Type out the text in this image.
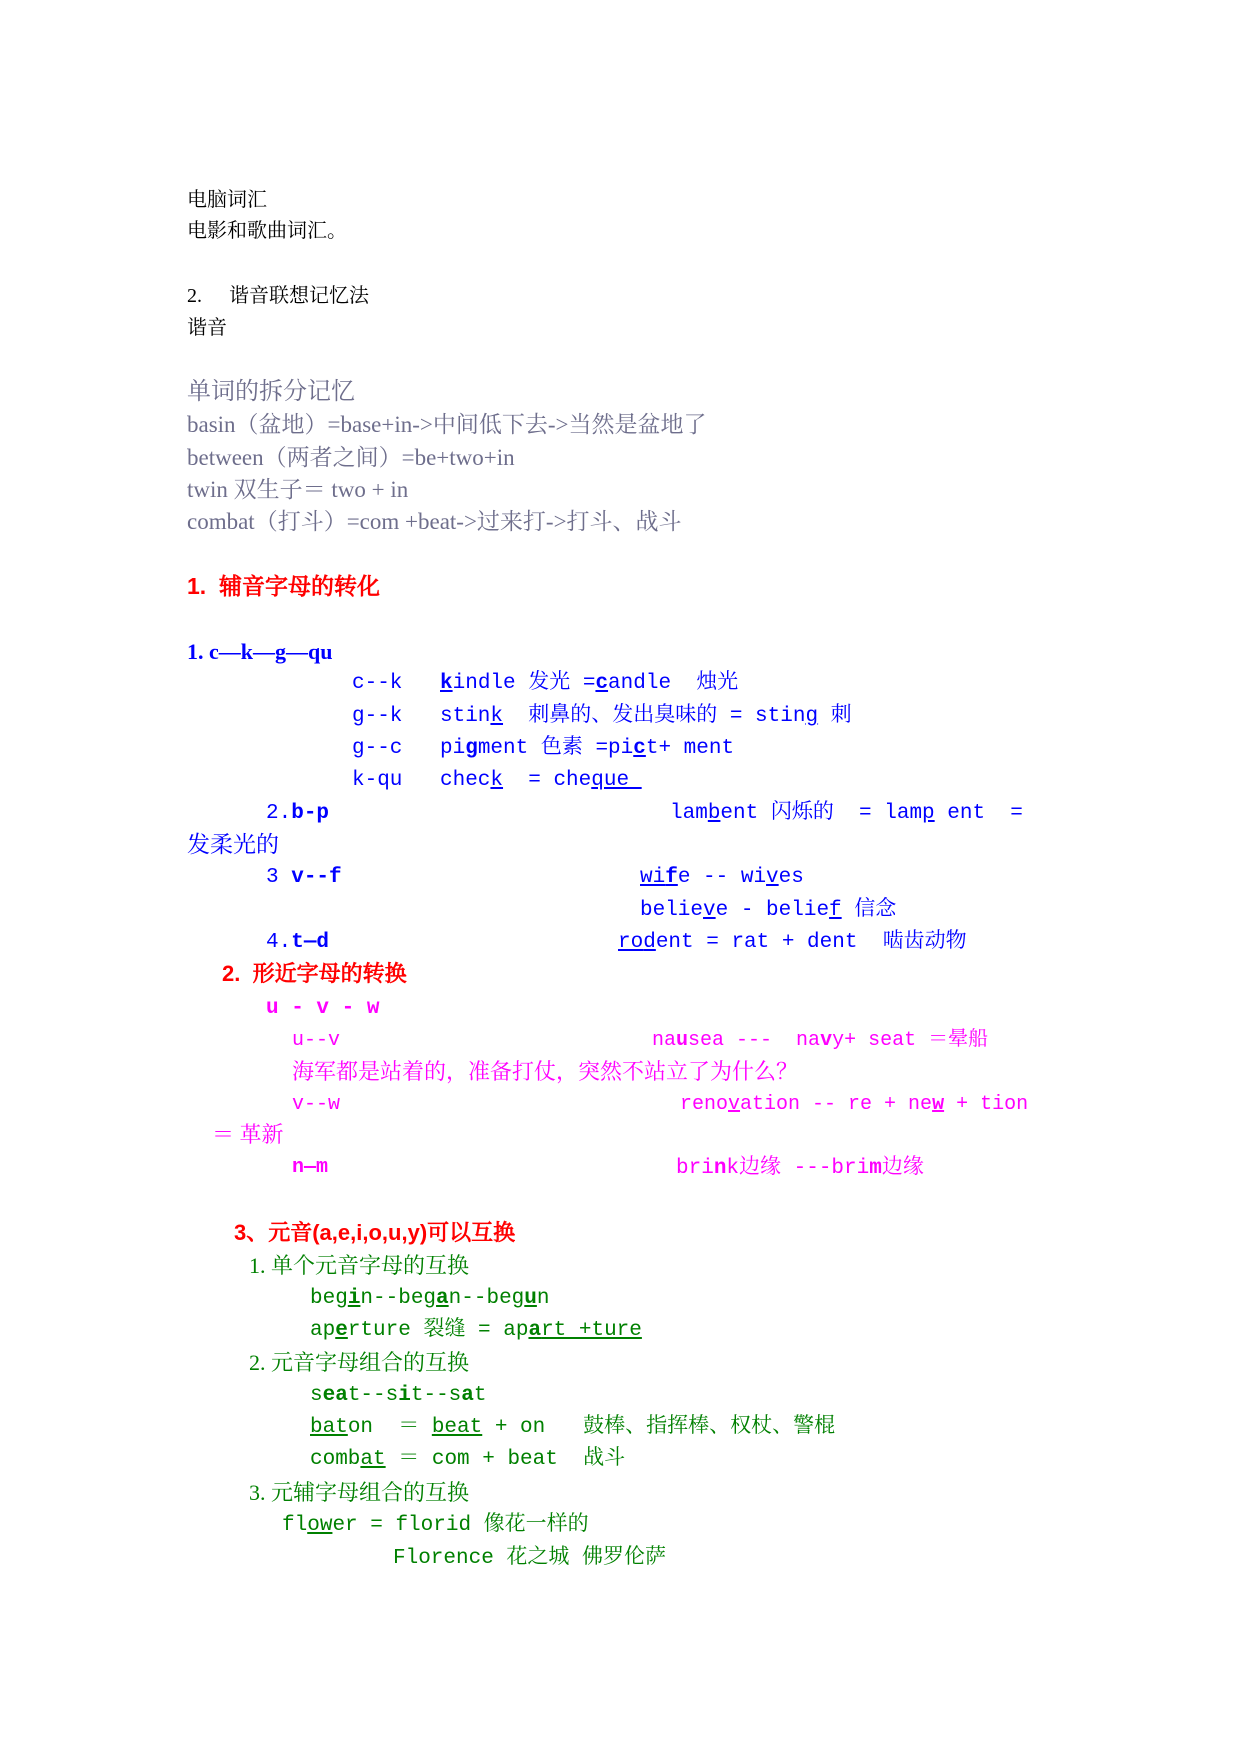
电脑词汇
电影和歌曲词汇。
2. 谐音联想记忆法
谐音
单词的拆分记忆
basin（盆地）=base+in->中间低下去->当然是盆地了
between（两者之间）=be+two+in
twin 双生子＝ two + in
combat（打斗）=com +beat->过来打->打斗、战斗
1.  辅音字母的转化
1. c—k—g—qu
c--k kindle 发光 =candle  烛光
g--k stink  刺鼻的、发出臭味的 = sting 刺
g--c pigment 色素 =pict+ ment
k-qu check  = cheque
2.b-p	lambent 闪烁的  = lamp ent  =
发柔光的
3 v--f	wife -- wives
believe - belief 信念
4.t—d	rodent = rat + dent  啮齿动物
2.  形近字母的转换
u - v - w
u--v	nausea ---  navy+ seat ＝晕船
海军都是站着的，准备打仗，突然不站立了为什么？
v--w	renovation -- re + new + tion
＝ 革新
n—m	brink边缘 ---brim边缘
3、元音(a,e,i,o,u,y)可以互换
1. 单个元音字母的互换
begin--began--begun
aperture 裂缝 = apart +ture
2. 元音字母组合的互换
seat--sit--sat
baton  ＝ beat + on   鼓棒、指挥棒、权杖、警棍
combat ＝ com + beat  战斗
3. 元辅字母组合的互换
flower = florid 像花一样的
Florence 花之城 佛罗伦萨
